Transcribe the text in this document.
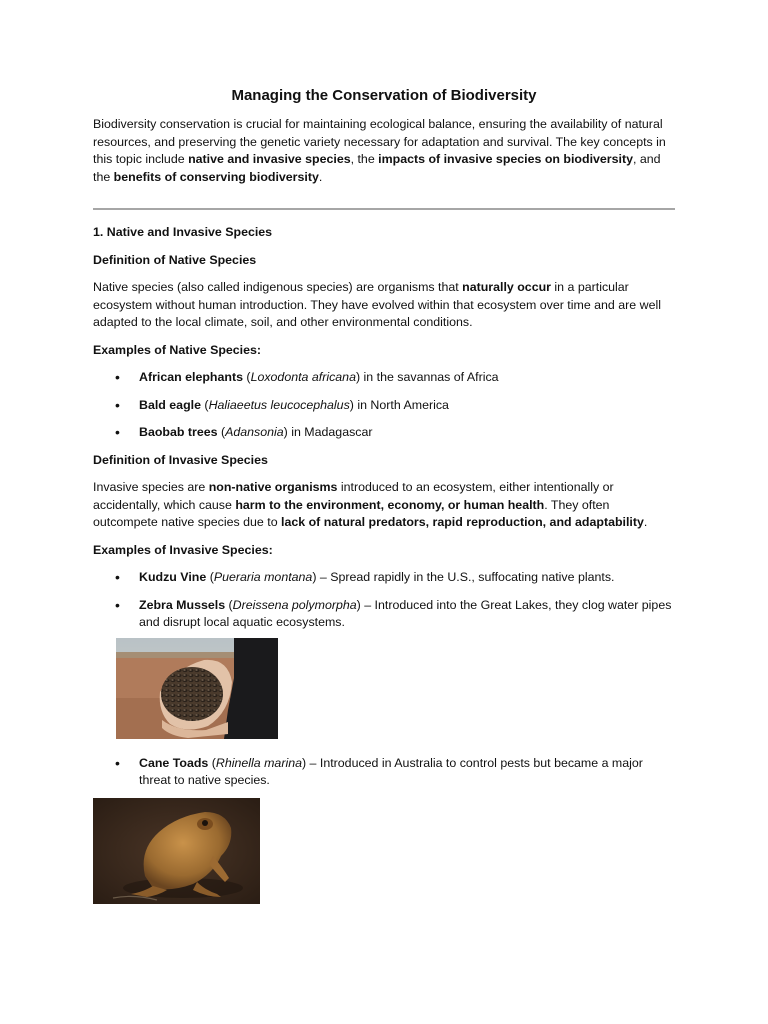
Managing the Conservation of Biodiversity

Biodiversity conservation is crucial for maintaining ecological balance, ensuring the availability of natural resources, and preserving the genetic variety necessary for adaptation and survival. The key concepts in this topic include native and invasive species, the impacts of invasive species on biodiversity, and the benefits of conserving biodiversity.

1. Native and Invasive Species
Definition of Native Species

Native species (also called indigenous species) are organisms that naturally occur in a particular ecosystem without human introduction. They have evolved within that ecosystem over time and are well adapted to the local climate, soil, and other environmental conditions.

Examples of Native Species:
• African elephants (Loxodonta africana) in the savannas of Africa
• Bald eagle (Haliaeetus leucocephalus) in North America
• Baobab trees (Adansonia) in Madagascar
Definition of Invasive Species

Invasive species are non-native organisms introduced to an ecosystem, either intentionally or accidentally, which cause harm to the environment, economy, or human health. They often outcompete native species due to lack of natural predators, rapid reproduction, and adaptability.

Examples of Invasive Species:
• Kudzu Vine (Pueraria montana) – Spread rapidly in the U.S., suffocating native plants.
• Zebra Mussels (Dreissena polymorpha) – Introduced into the Great Lakes, they clog water pipes and disrupt local aquatic ecosystems.
• Cane Toads (Rhinella marina) – Introduced in Australia to control pests but became a major threat to native species.
